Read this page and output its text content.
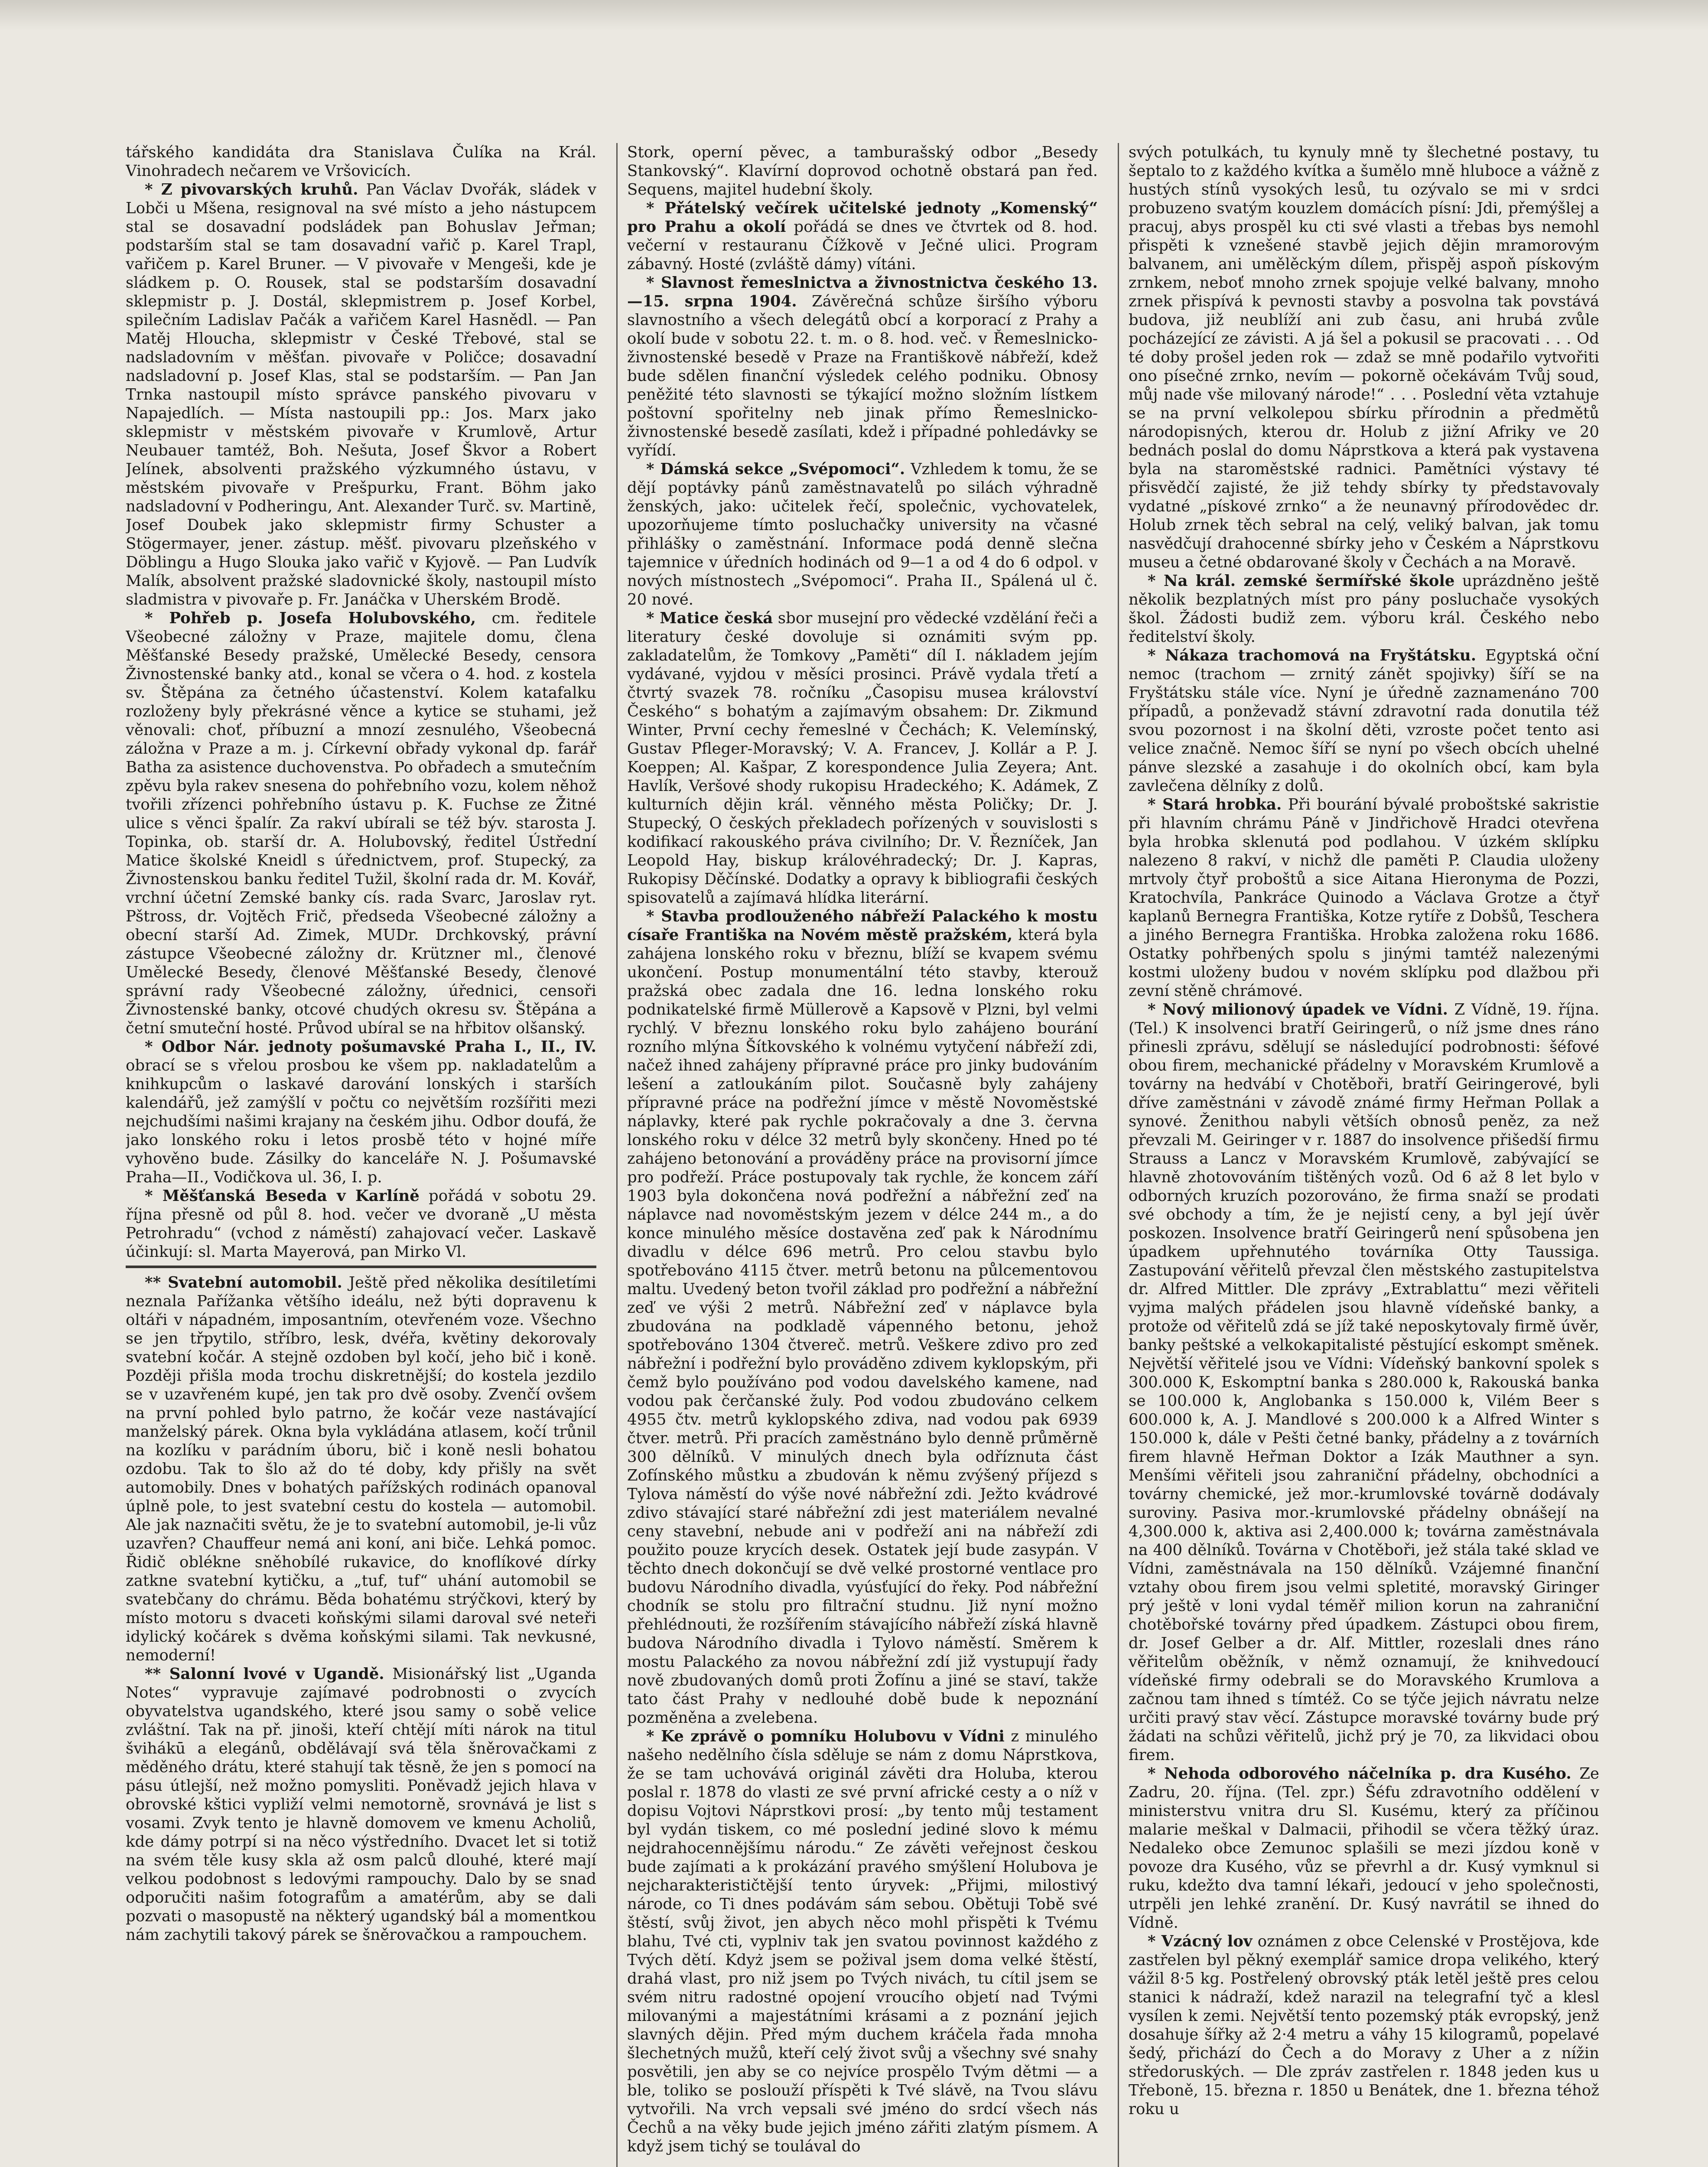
tářského kandidáta dra Stanislava Čulíka na Král. Vinohradech nečarem ve Vršovicích.

* Z pivovarských kruhů. Pan Václav Dvořák, sládek v Lobči u Mšena, resignoval na své místo a jeho nástupcem stal se dosavadní podsládek pan Bohuslav Jeřman; podstarším stal se tam dosavadní vařič p. Karel Trapl, vařičem p. Karel Bruner. — V pivovaře v Mengeši, kde je sládkem p. O. Rousek, stal se podstarším dosavadní sklepmistr p. J. Dostál, sklepmistrem p. Josef Korbel, spilečním Ladislav Pačák a vařičem Karel Hasnědl. — Pan Matěj Hloucha, sklepmistr v České Třebové, stal se nadsladovním v měšťan. pivovaře v Poličce; dosavadní nadsladovní p. Josef Klas, stal se podstarším. — Pan Jan Trnka nastoupil místo správce panského pivovaru v Napajedlích. — Místa nastoupili pp.: Jos. Marx jako sklepmistr v městském pivovaře v Krumlově, Artur Neubauer tamtéž, Boh. Nešuta, Josef Škvor a Robert Jelínek, absolventi pražského výzkumného ústavu, v městském pivovaře v Prešpurku, Frant. Böhm jako nadsladovní v Podheringu, Ant. Alexander Turč. sv. Martině, Josef Doubek jako sklepmistr firmy Schuster a Stögermayer, jener. zástup. měšť. pivovaru plzeňského v Döblingu a Hugo Slouka jako vařič v Kyjově. — Pan Ludvík Malík, absolvent pražské sladovnické školy, nastoupil místo sladmistra v pivovaře p. Fr. Janáčka v Uherském Brodě.

* Pohřeb p. Josefa Holubovského, cm. ředitele Všeobecné záložny v Praze, majitele domu, člena Měšťanské Besedy pražské, Umělecké Besedy, censora Živnostenské banky atd., konal se včera o 4. hod. z kostela sv. Štěpána za četného účastenství. Kolem katafalku rozloženy byly překrásné věnce a kytice se stuhami, jež věnovali: choť, příbuzní a mnozí zesnulého, Všeobecná záložna v Praze a m. j. Církevní obřady vykonal dp. farář Batha za asistence duchovenstva. Po obřadech a smutečním zpěvu byla rakev snesena do pohřebního vozu, kolem něhož tvořili zřízenci pohřebního ústavu p. K. Fuchse ze Žitné ulice s věnci špalír. Za rakví ubírali se též býv. starosta J. Topinka, ob. starší dr. A. Holubovský, ředitel Ústřední Matice školské Kneidl s úřednictvem, prof. Stupecký, za Živnostenskou banku ředitel Tužil, školní rada dr. M. Kovář, vrchní účetní Zemské banky cís. rada Svarc, Jaroslav ryt. Pštross, dr. Vojtěch Frič, předseda Všeobecné záložny a obecní starší Ad. Zimek, MUDr. Drchkovský, právní zástupce Všeobecné záložny dr. Krützner ml., členové Umělecké Besedy, členové Měšťanské Besedy, členové správní rady Všeobecné záložny, úřednici, censoři Živnostenské banky, otcové chudých okresu sv. Štěpána a četní smuteční hosté. Průvod ubíral se na hřbitov olšanský.

* Odbor Nár. jednoty pošumavské Praha I., II., IV. obrací se s vřelou prosbou ke všem pp. nakladatelům a knihkupcům o laskavé darování lonských i starších kalendářů, jež zamýšlí v počtu co největším rozšířiti mezi nejchudšími našimi krajany na českém jihu. Odbor doufá, že jako lonského roku i letos prosbě této v hojné míře vyhověno bude. Zásilky do kanceláře N. J. Pošumavské Praha—II., Vodičkova ul. 36, I. p.

* Měšťanská Beseda v Karlíně pořádá v sobotu 29. října přesně od půl 8. hod. večer ve dvoraně „U města Petrohradu“ (vchod z náměstí) zahajovací večer. Laskavě účinkují: sl. Marta Mayerová, pan Mirko Vl.

** Svatební automobil. Ještě před několika desítiletími neznala Pařížanka většího ideálu, než býti dopravenu k oltáři v nápadném, imposantním, otevřeném voze. Všechno se jen třpytilo, stříbro, lesk, dvéřa, květiny dekorovaly svatební kočár. A stejně ozdoben byl kočí, jeho bič i koně. Později přišla moda trochu diskretnější; do kostela jezdilo se v uzavřeném kupé, jen tak pro dvě osoby. Zvenčí ovšem na první pohled bylo patrno, že kočár veze nastávající manželský párek. Okna byla vykládána atlasem, kočí trůnil na kozlíku v parádním úboru, bič i koně nesli bohatou ozdobu. Tak to šlo až do té doby, kdy přišly na svět automobily. Dnes v bohatých pařížských rodinách opanoval úplně pole, to jest svatební cestu do kostela — automobil. Ale jak naznačiti světu, že je to svatební automobil, je-li vůz uzavřen? Chauffeur nemá ani koní, ani biče. Lehká pomoc. Řidič oblékne sněhobílé rukavice, do knoflíkové dírky zatkne svatební kytičku, a „tuf, tuf“ uhání automobil se svatebčany do chrámu. Běda bohatému strýčkovi, který by místo motoru s dvaceti koňskými silami daroval své neteři idylický kočárek s dvěma koňskými silami. Tak nevkusné, nemoderní!

** Salonní lvové v Ugandě. Misionářský list „Uganda Notes“ vypravuje zajímavé podrobnosti o zvycích obyvatelstva ugandského, které jsou samy o sobě velice zvláštní. Tak na př. jinoši, kteří chtějí míti nárok na titul švihákū a elegánů, obdělávají svá těla šněrovačkami z měděného drátu, které stahují tak těsně, že jen s pomocí na pásu útlejší, než možno pomysliti. Poněvadž jejich hlava v obrovské kštici vypliží velmi nemotorně, srovnává je list s vosami. Zvyk tento je hlavně domovem ve kmenu Acholiů, kde dámy potrpí si na něco výstředního. Dvacet let si totiž na svém těle kusy skla až osm palců dlouhé, které mají velkou podobnost s ledovými rampouchy. Dalo by se snad odporučiti našim fotografům a amatérům, aby se dali pozvati o masopustě na některý ugandský bál a momentkou nám zachytili takový párek se šněrovačkou a rampouchem.

Stork, operní pěvec, a tamburašský odbor „Besedy Stankovský“. Klavírní doprovod ochotně obstará pan řed. Sequens, majitel hudební školy.

* Přátelský večírek učitelské jednoty „Komenský“ pro Prahu a okolí pořádá se dnes ve čtvrtek od 8. hod. večerní v restauranu Čížkově v Ječné ulici. Program zábavný. Hosté (zvláště dámy) vítáni.

* Slavnost řemeslnictva a živnostnictva českého 13.—15. srpna 1904. Závěrečná schůze širšího výboru slavnostního a všech delegátů obcí a korporací z Prahy a okolí bude v sobotu 22. t. m. o 8. hod. več. v Řemeslnicko-živnostenské besedě v Praze na Františkově nábřeží, kdež bude sdělen finanční výsledek celého podniku. Obnosy peněžité této slavnosti se týkající možno složním lístkem poštovní spořitelny neb jinak přímo Řemeslnicko-živnostenské besedě zasílati, kdež i případné pohledávky se vyřídí.

* Dámská sekce „Svépomoci“. Vzhledem k tomu, že se dějí poptávky pánů zaměstnavatelů po silách výhradně ženských, jako: učitelek řečí, společnic, vychovatelek, upozorňujeme tímto posluchačky university na včasné přihlášky o zaměstnání. Informace podá denně slečna tajemnice v úředních hodinách od 9—1 a od 4 do 6 odpol. v nových místnostech „Svépomoci“. Praha II., Spálená ul č. 20 nové.

* Matice česká sbor musejní pro vědecké vzdělání řeči a literatury české dovoluje si oznámiti svým pp. zakladatelům, že Tomkovy „Paměti“ díl I. nákladem jejím vydávané, vyjdou v měsíci prosinci. Právě vydala třetí a čtvrtý svazek 78. ročníku „Časopisu musea království Českého“ s bohatým a zajímavým obsahem: Dr. Zikmund Winter, První cechy řemeslné v Čechách; K. Velemínský, Gustav Pfleger-Moravský; V. A. Francev, J. Kollár a P. J. Koeppen; Al. Kašpar, Z korespondence Julia Zeyera; Ant. Havlík, Veršové shody rukopisu Hradeckého; K. Adámek, Z kulturních dějin král. věnného města Poličky; Dr. J. Stupecký, O českých překladech pořízených v souvislosti s kodifikací rakouského práva civilního; Dr. V. Řezníček, Jan Leopold Hay, biskup královéhradecký; Dr. J. Kapras, Rukopisy Děčínské. Dodatky a opravy k bibliografii českých spisovatelů a zajímavá hlídka literární.

* Stavba prodlouženého nábřeží Palackého k mostu císaře Františka na Novém městě pražském, která byla zahájena lonského roku v březnu, blíží se kvapem svému ukončení. Postup monumentální této stavby, kterouž pražská obec zadala dne 16. ledna lonského roku podnikatelské firmě Müllerově a Kapsově v Plzni, byl velmi rychlý. V březnu lonského roku bylo zahájeno bourání rozního mlýna Šítkovského k volnému vytyčení nábřeží zdi, načež ihned zahájeny přípravné práce pro jinky budováním lešení a zatloukáním pilot. Současně byly zahájeny přípravné práce na podřežní jímce v městě Novoměstské náplavky, které pak rychle pokračovaly a dne 3. června lonského roku v délce 32 metrů byly skončeny. Hned po té zahájeno betonování a prováděny práce na provisorní jímce pro podřeží. Práce postupovaly tak rychle, že koncem září 1903 byla dokončena nová podřežní a nábřežní zeď na náplavce nad novoměstským jezem v délce 244 m., a do konce minulého měsíce dostavěna zeď pak k Národnímu divadlu v délce 696 metrů. Pro celou stavbu bylo spotřebováno 4115 čtver. metrů betonu na půlcementovou maltu. Uvedený beton tvořil základ pro podřežní a nábřežní zeď ve výši 2 metrů. Nábřežní zeď v náplavce byla zbudována na podkladě vápenného betonu, jehož spotřebováno 1304 čtvereč. metrů. Veškere zdivo pro zeď nábřežní i podřežní bylo prováděno zdivem kyklopským, při čemž bylo používáno pod vodou davelského kamene, nad vodou pak čerčanské žuly. Pod vodou zbudováno celkem 4955 čtv. metrů kyklopského zdiva, nad vodou pak 6939 čtver. metrů. Při pracích zaměstnáno bylo denně průměrně 300 dělníků. V minulých dnech byla odříznuta část Zofínského můstku a zbudován k němu zvýšený příjezd s Tylova náměstí do výše nové nábřežní zdi. Ježto kvádrové zdivo stávající staré nábřežní zdi jest materiálem nevalné ceny stavební, nebude ani v podřeží ani na nábřeží zdi použito pouze krycích desek. Ostatek její bude zasypán. V těchto dnech dokončují se dvě velké prostorné ventlace pro budovu Národního divadla, vyúsťující do řeky. Pod nábřežní chodník se stolu pro filtrační studnu. Již nyní možno přehlédnouti, že rozšířením stávajícího nábřeží získá hlavně budova Národního divadla i Tylovo náměstí. Směrem k mostu Palackého za novou nábřežní zdí již vystupují řady nově zbudovaných domů proti Žofínu a jiné se staví, takže tato část Prahy v nedlouhé době bude k nepoznání pozměněna a zvelebena.

* Ke zprávě o pomníku Holubovu v Vídni z minulého našeho nedělního čísla sděluje se nám z domu Náprstkova, že se tam uchovává originál závěti dra Holuba, kterou poslal r. 1878 do vlasti ze své první africké cesty a o níž v dopisu Vojtovi Náprstkovi prosí: „by tento můj testament byl vydán tiskem, co mé poslední jediné slovo k mému nejdrahocennějšímu národu.“ Ze závěti veřejnost českou bude zajímati a k prokázání pravého smýšlení Holubova je nejcharakterističtější tento úryvek: „Přijmi, milostivý národe, co Ti dnes podávám sám sebou. Obětuji Tobě své štěstí, svůj život, jen abych něco mohl přispěti k Tvému blahu, Tvé cti, vyplniv tak jen svatou povinnost každého z Tvých dětí. Kdyż jsem se požival jsem doma velké štěstí, drahá vlast, pro niž jsem po Tvých nivách, tu cítil jsem se svém nitru radostné opojení vroucího objetí nad Tvými milovanými a majestátními krásami a z poznání jejich slavných dějin. Před mým duchem kráčela řada mnoha šlechetných mužů, kteří celý život svůj a všechny své snahy posvětili, jen aby se co nejvíce prospělo Tvým dětmi — a ble, toliko se poslouží příspěti k Tvé slávě, na Tvou slávu vytvořili. Na vrch vepsali své jméno do srdcí všech nás Čechů a na věky bude jejich jméno zářiti zlatým písmem. A když jsem tichý se toulával do

svých potulkách, tu kynuly mně ty šlechetné postavy, tu šeptalo to z každého kvítka a šumělo mně hluboce a vážně z hustých stínů vysokých lesů, tu ozývalo se mi v srdci probuzeno svatým kouzlem domácích písní: Jdi, přemýšlej a pracuj, abys prospěl ku cti své vlasti a třebas bys nemohl přispěti k vznešené stavbě jejich dějin mramorovým balvanem, ani umělěckým dílem, přispěj aspoň pískovým zrnkem, neboť mnoho zrnek spojuje velké balvany, mnoho zrnek přispívá k pevnosti stavby a posvolna tak povstává budova, již neublíží ani zub času, ani hrubá zvůle pocházející ze závisti. A já šel a pokusil se pracovati . . . Od té doby prošel jeden rok — zdaž se mně podařilo vytvořiti ono písečné zrnko, nevím — pokorně očekávám Tvůj soud, můj nade vše milovaný národe!“ . . . Poslední věta vztahuje se na první velkolepou sbírku přírodnin a předmětů národopisných, kterou dr. Holub z jižní Afriky ve 20 bednách poslal do domu Náprstkova a která pak vystavena byla na staroměstské radnici. Pamětníci výstavy té přisvědčí zajisté, že již tehdy sbírky ty představovaly vydatné „pískové zrnko“ a že neunavný přírodovědec dr. Holub zrnek těch sebral na celý, veliký balvan, jak tomu nasvědčují drahocenné sbírky jeho v Českém a Náprstkovu museu a četné obdarované školy v Čechách a na Moravě.

* Na král. zemské šermířské škole uprázdněno ještě několik bezplatných míst pro pány posluchače vysokých škol. Žádosti budiž zem. výboru král. Českého nebo ředitelství školy.

* Nákaza trachomová na Fryštátsku. Egyptská oční nemoc (trachom — zrnitý zánět spojivky) šíří se na Fryštátsku stále více. Nyní je úředně zaznamenáno 700 případů, a ponževadž stávní zdravotní rada donutila též svou pozornost i na školní děti, vzroste počet tento asi velice značně. Nemoc šíří se nyní po všech obcích uhelné pánve slezské a zasahuje i do okolních obcí, kam byla zavlečena dělníky z dolů.

* Stará hrobka. Při bourání bývalé proboštské sakristie při hlavním chrámu Páně v Jindřichově Hradci otevřena byla hrobka sklenutá pod podlahou. V úzkém sklípku nalezeno 8 rakví, v nichž dle paměti P. Claudia uloženy mrtvoly čtyř proboštů a sice Aitana Hieronyma de Pozzi, Kratochvíla, Pankráce Quinodo a Václava Grotze a čtyř kaplanů Bernegra Františka, Kotze rytíře z Dobšů, Teschera a jiného Bernegra Františka. Hrobka založena roku 1686. Ostatky pohřbených spolu s jinými tamtéž nalezenými kostmi uloženy budou v novém sklípku pod dlažbou při zevní stěně chrámové.

* Nový milionový úpadek ve Vídni. Z Vídně, 19. října. (Tel.) K insolvenci bratří Geiringerů, o níž jsme dnes ráno přinesli zprávu, sdělují se následující podrobnosti: šéfové obou firem, mechanické přádelny v Moravském Krumlově a továrny na hedvábí v Chotěboři, bratří Geiringerové, byli dříve zaměstnáni v závodě známé firmy Heřman Pollak a synové. Ženithou nabyli větších obnosů peněz, za než převzali M. Geiringer v r. 1887 do insolvence přišedší firmu Strauss a Lancz v Moravském Krumlově, zabývající se hlavně zhotovováním tištěných vozů. Od 6 až 8 let bylo v odborných kruzích pozorováno, že firma snaží se prodati své obchody a tím, že je nejistí ceny, a byl její úvěr poskozen. Insolvence bratří Geiringerů není spůsobena jen úpadkem upřehnutého továrníka Otty Taussiga. Zastupování věřitelů převzal člen městského zastupitelstva dr. Alfred Mittler. Dle zprávy „Extrablattu“ mezi věřiteli vyjma malých přádelen jsou hlavně vídeňské banky, a protože od věřitelů zdá se jíž také neposkytovaly firmě úvěr, banky peštské a velkokapitalisté pěstující eskompt směnek. Největší věřitelé jsou ve Vídni: Vídeňský bankovní spolek s 300.000 K, Eskomptní banka s 280.000 k, Rakouská banka se 100.000 k, Anglobanka s 150.000 k, Vilém Beer s 600.000 k, A. J. Mandlové s 200.000 k a Alfred Winter s 150.000 k, dále v Pešti četné banky, přádelny a z továrních firem hlavně Heřman Doktor a Izák Mauthner a syn. Menšími věřiteli jsou zahraniční přádelny, obchodníci a továrny chemické, jež mor.-krumlovské továrně dodávaly suroviny. Pasiva mor.-krumlovské přádelny obnášejí na 4,300.000 k, aktiva asi 2,400.000 k; továrna zaměstnávala na 400 dělníků. Továrna v Chotěboři, jež stála také sklad ve Vídni, zaměstnávala na 150 dělníků. Vzájemné finanční vztahy obou firem jsou velmi spletité, moravský Giringer prý ještě v loni vydal téměř milion korun na zahraniční chotěbořské továrny před úpadkem. Zástupci obou firem, dr. Josef Gelber a dr. Alf. Mittler, rozeslali dnes ráno věřitelům oběžník, v němž oznamují, že knihvedoucí vídeňské firmy odebrali se do Moravského Krumlova a začnou tam ihned s tímtéž. Co se týče jejich návratu nelze určiti pravý stav věcí. Zástupce moravské továrny bude prý žádati na schůzi věřitelů, jichž prý je 70, za likvidaci obou firem.

* Nehoda odborového náčelníka p. dra Kusého. Ze Zadru, 20. října. (Tel. zpr.) Šéfu zdravotního oddělení v ministerstvu vnitra dru Sl. Kusému, který za příčinou malarie meškal v Dalmacii, přihodil se včera těžký úraz. Nedaleko obce Zemunoc splašili se mezi jízdou koně v povoze dra Kusého, vůz se převrhl a dr. Kusý vymknul si ruku, kdežto dva tamní lékaři, jedoucí v jeho společnosti, utrpěli jen lehké zranění. Dr. Kusý navrátil se ihned do Vídně.

* Vzácný lov oznámen z obce Celenské v Prostějova, kde zastřelen byl pěkný exemplář samice dropa velikého, který vážil 8·5 kg. Postřelený obrovský pták letěl ještě pres celou stanici k nádraží, kdež narazil na telegrafní tyč a klesl vysílen k zemi. Největší tento pozemský pták evropský, jenž dosahuje šířky až 2·4 metru a váhy 15 kilogramů, popelavé šedý, přichází do Čech a do Moravy z Uher a z nížin středoruských. — Dle zpráv zastřelen r. 1848 jeden kus u Třeboně, 15. března r. 1850 u Benátek, dne 1. března téhož roku u
